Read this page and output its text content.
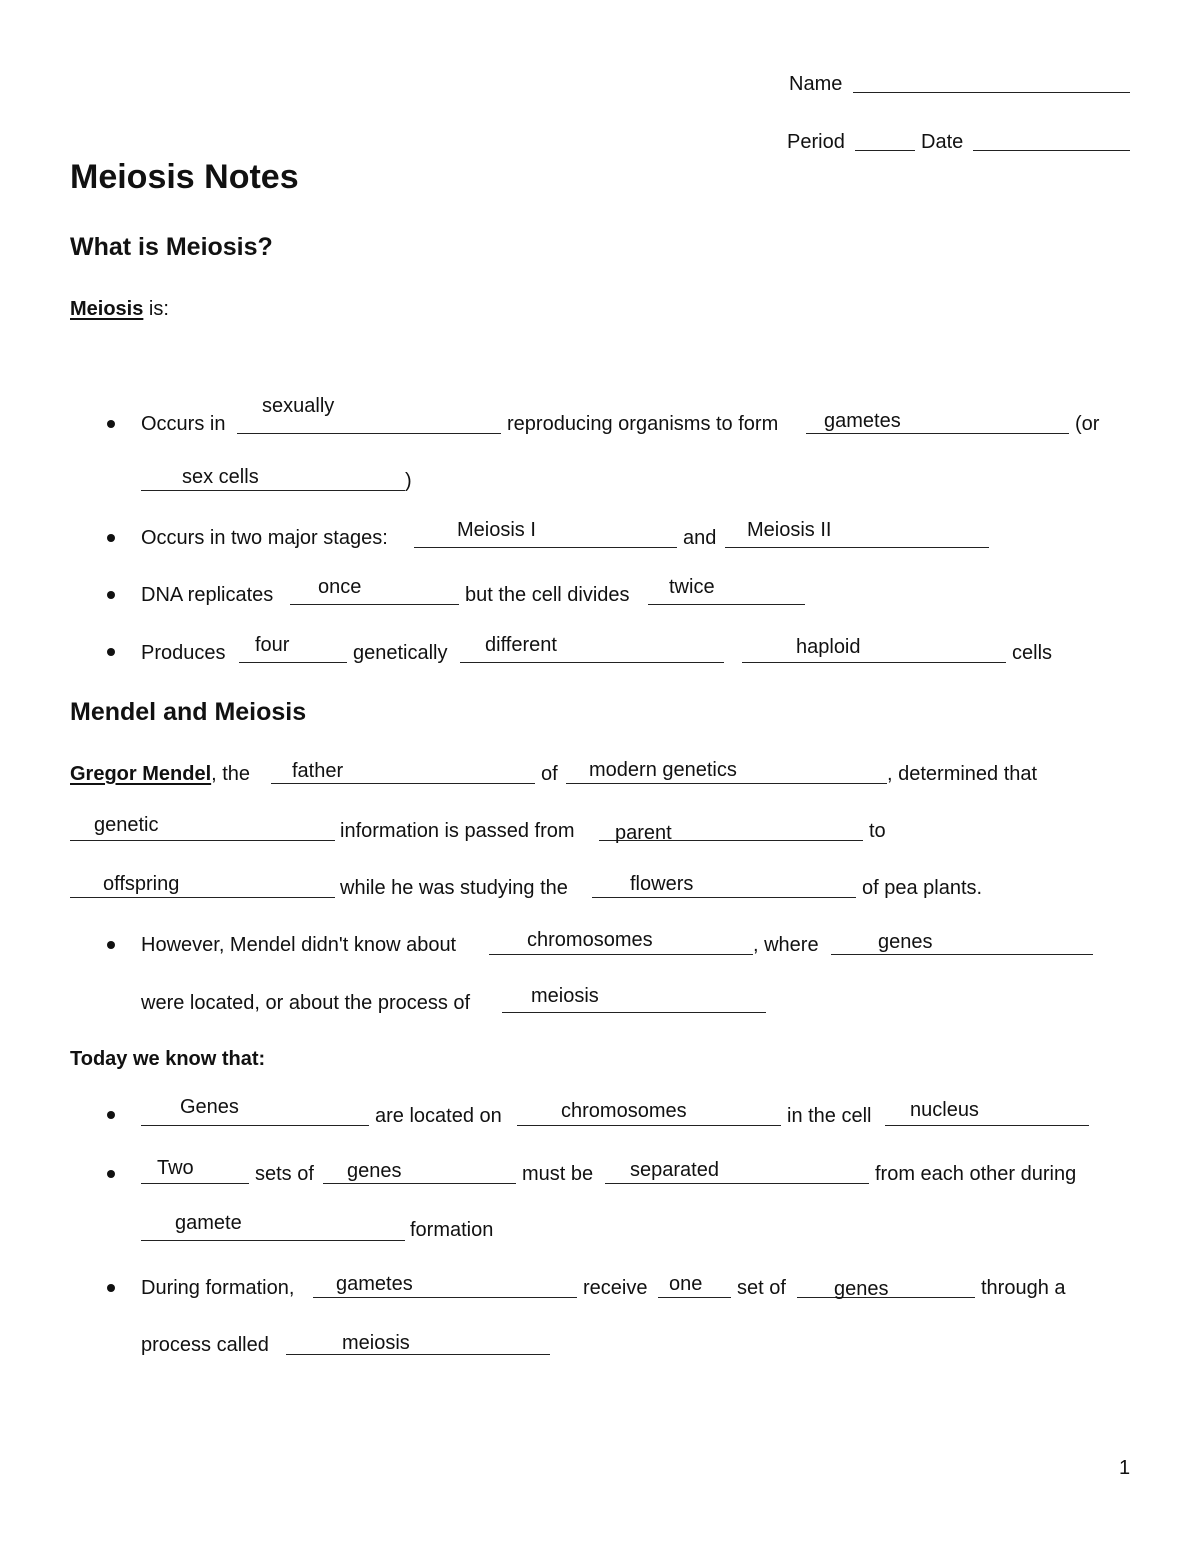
Name
Period	Date
Meiosis Notes
What is Meiosis?
Meiosis is:
Occurs in
sexually
reproducing organisms to form gametes	(or
sex cells	)
Occurs in two major stages:	Meiosis I	and Meiosis II
DNA replicates once	but the cell divides twice
Produces four	genetically different	haploid	cells
Mendel and Meiosis
Gregor Mendel, the father	of modern genetics	, determined that
genetic	information is passed from parent	to
offspring	while he was studying the	flowers	of pea plants.
However, Mendel didn't know about	chromosomes	, where	genes
were located, or about the process of	meiosis
Today we know that:
Genes	are located on	chromosomes	in the cell nucleus
Two	sets of genes	must be separated	from each other during
gamete	formation
During formation, gametes	receive one set of genes	through a
process called	meiosis
1
